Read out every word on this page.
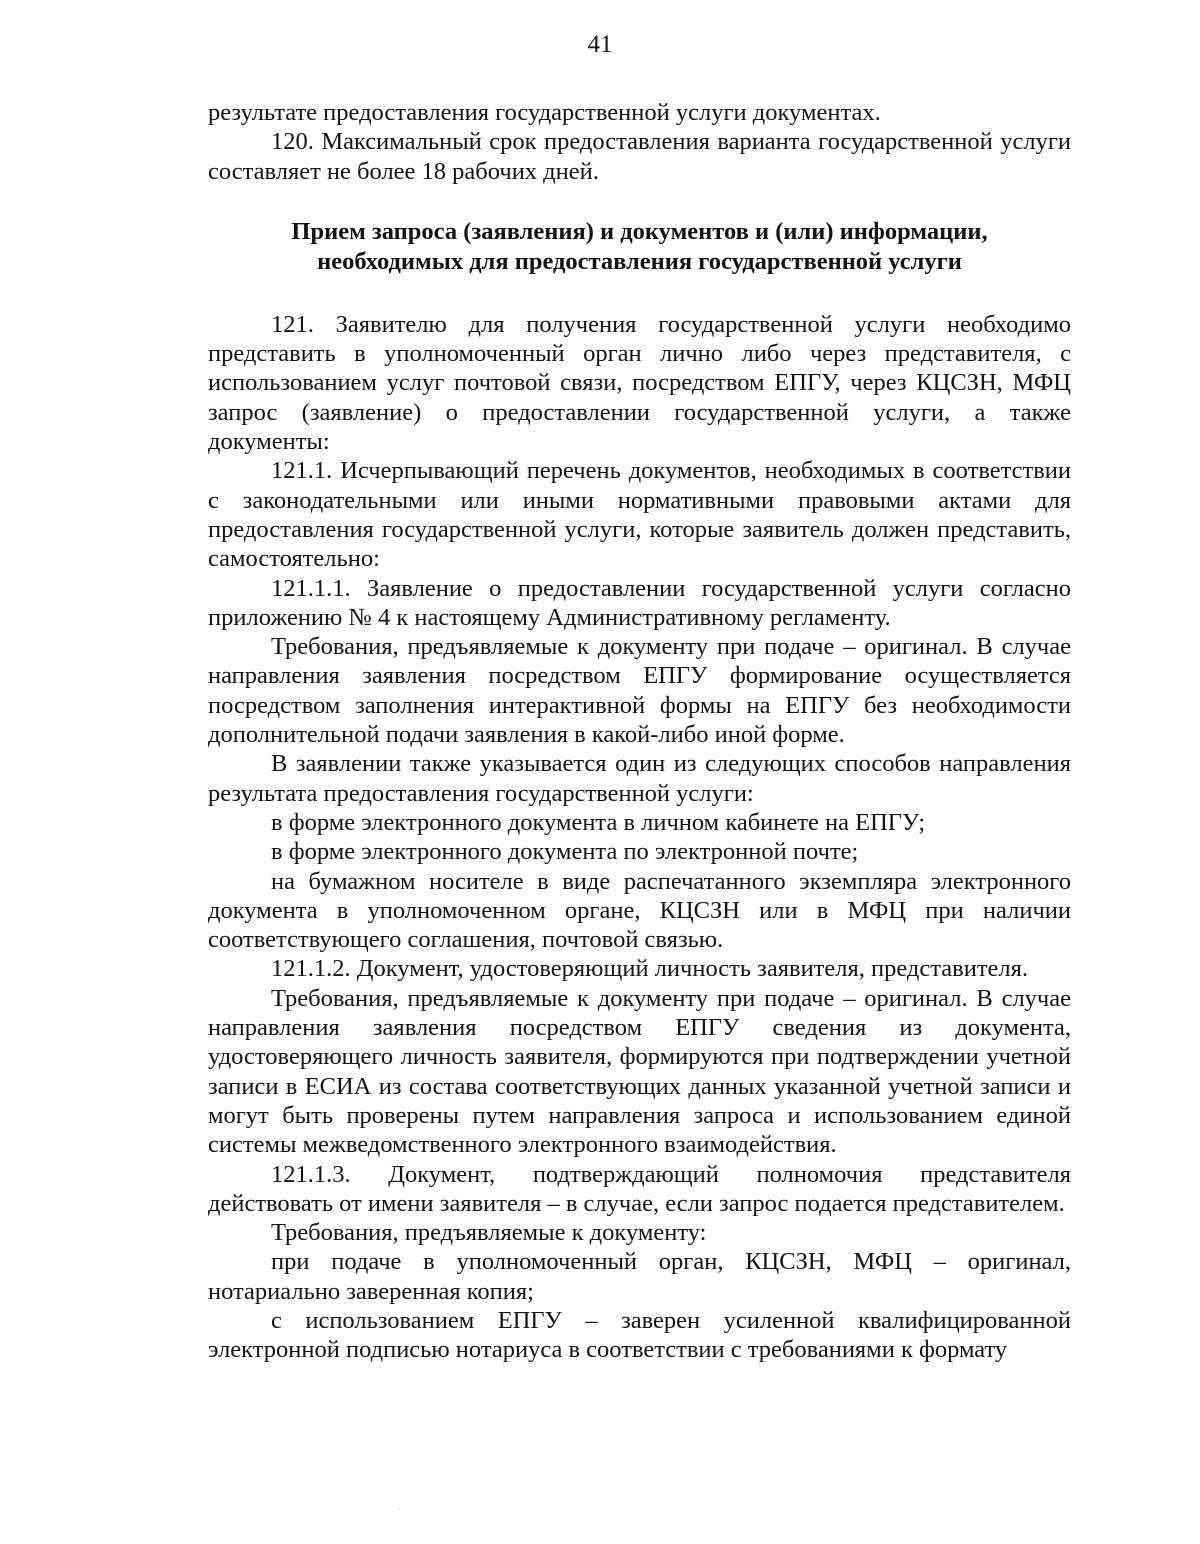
41

результате предоставления государственной услуги документах.

120. Максимальный срок предоставления варианта государственной услуги составляет не более 18 рабочих дней.

Прием запроса (заявления) и документов и (или) информации,
необходимых для предоставления государственной услуги

121. Заявителю для получения государственной услуги необходимо представить в уполномоченный орган лично либо через представителя, с использованием услуг почтовой связи, посредством ЕПГУ, через КЦСЗН, МФЦ запрос (заявление) о предоставлении государственной услуги, а также документы:

121.1. Исчерпывающий перечень документов, необходимых в соответствии с законодательными или иными нормативными правовыми актами для предоставления государственной услуги, которые заявитель должен представить, самостоятельно:

121.1.1. Заявление о предоставлении государственной услуги согласно приложению № 4 к настоящему Административному регламенту.

Требования, предъявляемые к документу при подаче – оригинал. В случае направления заявления посредством ЕПГУ формирование осуществляется посредством заполнения интерактивной формы на ЕПГУ без необходимости дополнительной подачи заявления в какой-либо иной форме.

В заявлении также указывается один из следующих способов направления результата предоставления государственной услуги:

в форме электронного документа в личном кабинете на ЕПГУ;

в форме электронного документа по электронной почте;

на бумажном носителе в виде распечатанного экземпляра электронного документа в уполномоченном органе, КЦСЗН или в МФЦ при наличии соответствующего соглашения, почтовой связью.

121.1.2. Документ, удостоверяющий личность заявителя, представителя.

Требования, предъявляемые к документу при подаче – оригинал. В случае направления заявления посредством ЕПГУ сведения из документа, удостоверяющего личность заявителя, формируются при подтверждении учетной записи в ЕСИА из состава соответствующих данных указанной учетной записи и могут быть проверены путем направления запроса и использованием единой системы межведомственного электронного взаимодействия.

121.1.3. Документ, подтверждающий полномочия представителя действовать от имени заявителя – в случае, если запрос подается представителем.

Требования, предъявляемые к документу:

при подаче в уполномоченный орган, КЦСЗН, МФЦ – оригинал, нотариально заверенная копия;

с использованием ЕПГУ – заверен усиленной квалифицированной электронной подписью нотариуса в соответствии с требованиями к формату
